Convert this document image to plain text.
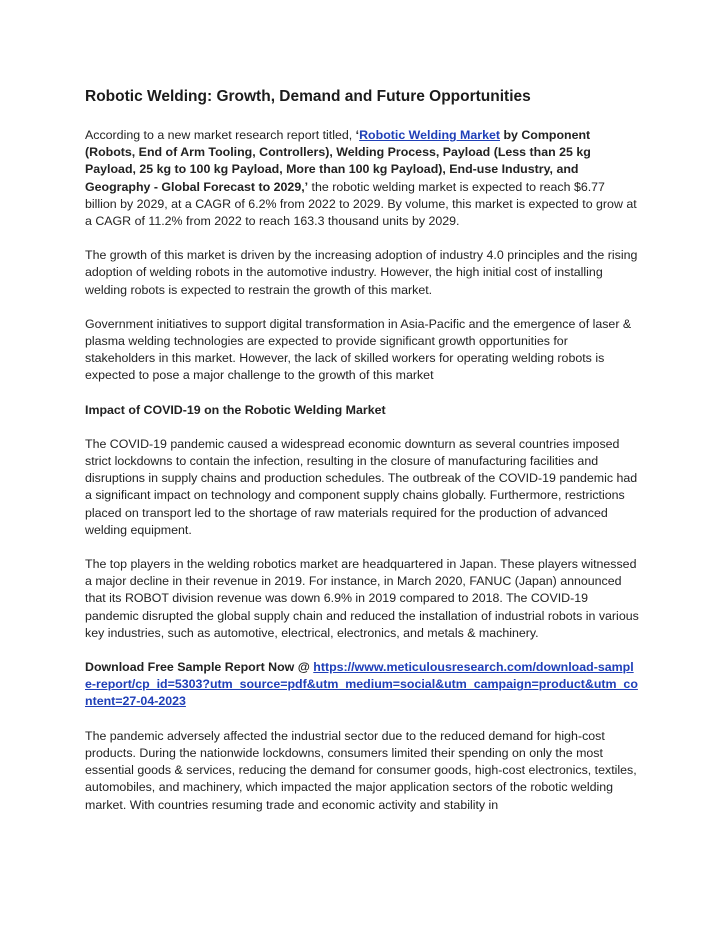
Robotic Welding: Growth, Demand and Future Opportunities

According to a new market research report titled, ‘Robotic Welding Market by Component (Robots, End of Arm Tooling, Controllers), Welding Process, Payload (Less than 25 kg Payload, 25 kg to 100 kg Payload, More than 100 kg Payload), End-use Industry, and Geography - Global Forecast to 2029,’ the robotic welding market is expected to reach $6.77 billion by 2029, at a CAGR of 6.2% from 2022 to 2029. By volume, this market is expected to grow at a CAGR of 11.2% from 2022 to reach 163.3 thousand units by 2029.

The growth of this market is driven by the increasing adoption of industry 4.0 principles and the rising adoption of welding robots in the automotive industry. However, the high initial cost of installing welding robots is expected to restrain the growth of this market.

Government initiatives to support digital transformation in Asia-Pacific and the emergence of laser & plasma welding technologies are expected to provide significant growth opportunities for stakeholders in this market. However, the lack of skilled workers for operating welding robots is expected to pose a major challenge to the growth of this market

Impact of COVID-19 on the Robotic Welding Market

The COVID-19 pandemic caused a widespread economic downturn as several countries imposed strict lockdowns to contain the infection, resulting in the closure of manufacturing facilities and disruptions in supply chains and production schedules. The outbreak of the COVID-19 pandemic had a significant impact on technology and component supply chains globally. Furthermore, restrictions placed on transport led to the shortage of raw materials required for the production of advanced welding equipment.

The top players in the welding robotics market are headquartered in Japan. These players witnessed a major decline in their revenue in 2019. For instance, in March 2020, FANUC (Japan) announced that its ROBOT division revenue was down 6.9% in 2019 compared to 2018. The COVID-19 pandemic disrupted the global supply chain and reduced the installation of industrial robots in various key industries, such as automotive, electrical, electronics, and metals & machinery.

Download Free Sample Report Now @ https://www.meticulousresearch.com/download-sample-report/cp_id=5303?utm_source=pdf&utm_medium=social&utm_campaign=product&utm_content=27-04-2023

The pandemic adversely affected the industrial sector due to the reduced demand for high-cost products. During the nationwide lockdowns, consumers limited their spending on only the most essential goods & services, reducing the demand for consumer goods, high-cost electronics, textiles, automobiles, and machinery, which impacted the major application sectors of the robotic welding market. With countries resuming trade and economic activity and stability in
